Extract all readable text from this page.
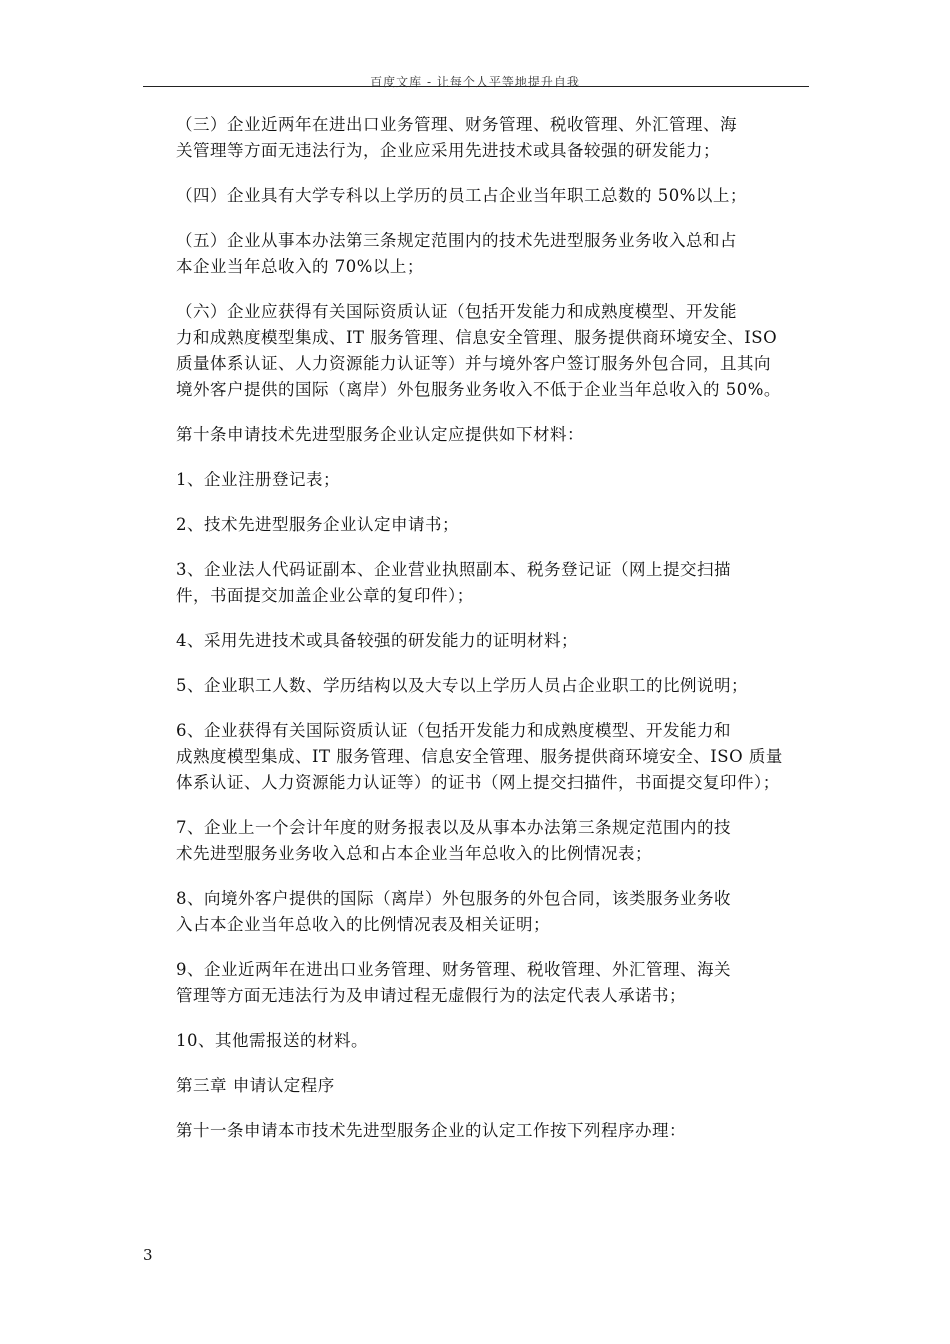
百度文库 - 让每个人平等地提升自我
（三）企业近两年在进出口业务管理、财务管理、税收管理、外汇管理、海
关管理等方面无违法行为，企业应采用先进技术或具备较强的研发能力；
（四）企业具有大学专科以上学历的员工占企业当年职工总数的 50%以上；
（五）企业从事本办法第三条规定范围内的技术先进型服务业务收入总和占
本企业当年总收入的 70%以上；
（六）企业应获得有关国际资质认证（包括开发能力和成熟度模型、开发能
力和成熟度模型集成、IT 服务管理、信息安全管理、服务提供商环境安全、ISO
质量体系认证、人力资源能力认证等）并与境外客户签订服务外包合同，且其向
境外客户提供的国际（离岸）外包服务业务收入不低于企业当年总收入的 50%。
第十条申请技术先进型服务企业认定应提供如下材料：
1、企业注册登记表；
2、技术先进型服务企业认定申请书；
3、企业法人代码证副本、企业营业执照副本、税务登记证（网上提交扫描
件，书面提交加盖企业公章的复印件）；
4、采用先进技术或具备较强的研发能力的证明材料；
5、企业职工人数、学历结构以及大专以上学历人员占企业职工的比例说明；
6、企业获得有关国际资质认证（包括开发能力和成熟度模型、开发能力和
成熟度模型集成、IT 服务管理、信息安全管理、服务提供商环境安全、ISO 质量
体系认证、人力资源能力认证等）的证书（网上提交扫描件，书面提交复印件）；
7、企业上一个会计年度的财务报表以及从事本办法第三条规定范围内的技
术先进型服务业务收入总和占本企业当年总收入的比例情况表；
8、向境外客户提供的国际（离岸）外包服务的外包合同，该类服务业务收
入占本企业当年总收入的比例情况表及相关证明；
9、企业近两年在进出口业务管理、财务管理、税收管理、外汇管理、海关
管理等方面无违法行为及申请过程无虚假行为的法定代表人承诺书；
10、其他需报送的材料。
第三章 申请认定程序
第十一条申请本市技术先进型服务企业的认定工作按下列程序办理：
3
